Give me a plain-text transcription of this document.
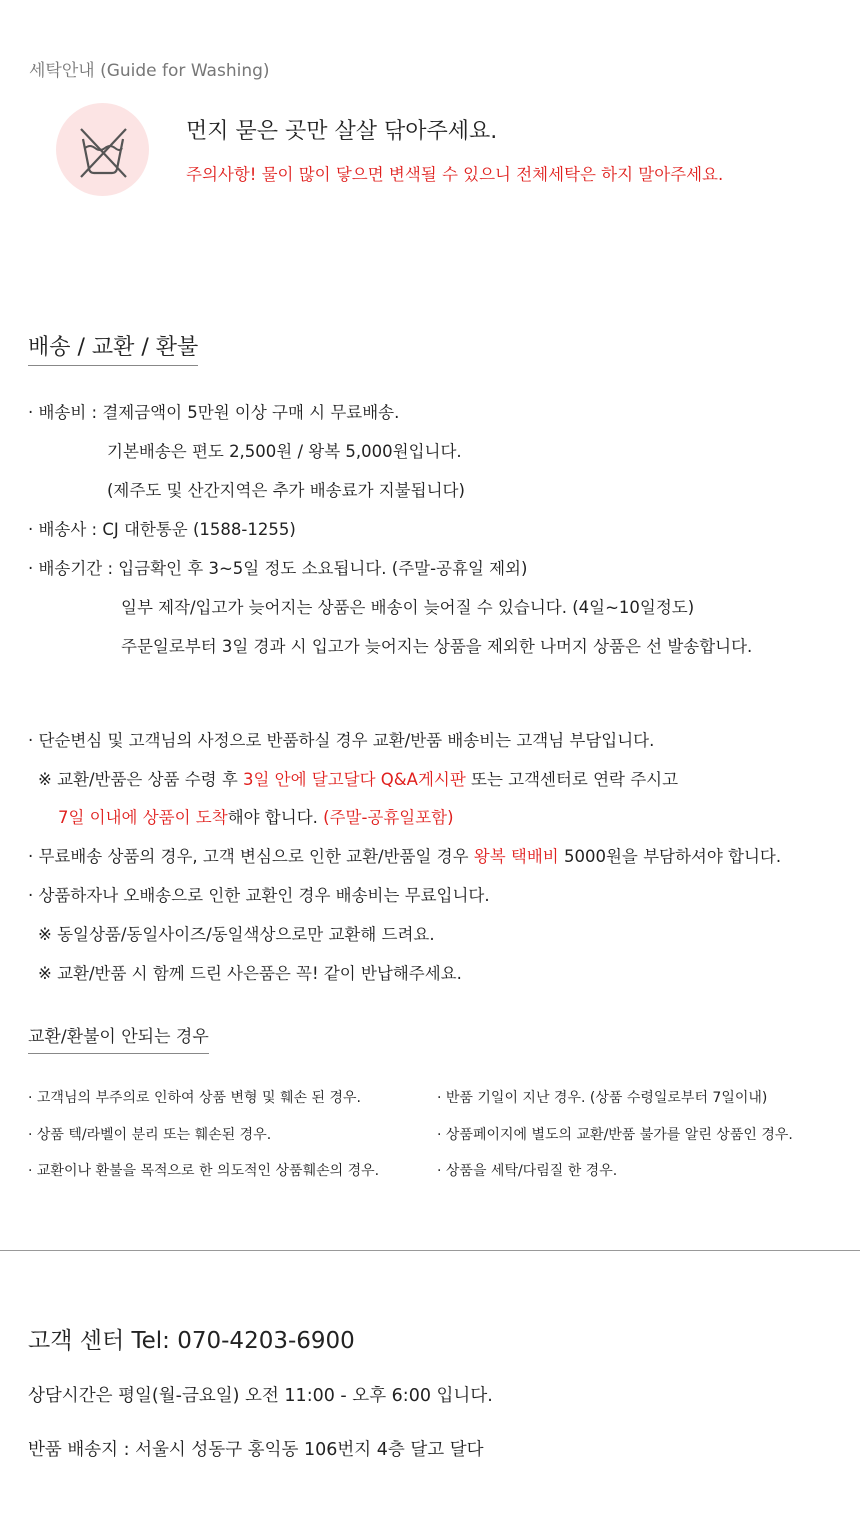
세탁안내 (Guide for Washing)
먼지 묻은 곳만 살살 닦아주세요.
주의사항! 물이 많이 닿으면 변색될 수 있으니 전체세탁은 하지 말아주세요.
배송 / 교환 / 환불
· 배송비 : 결제금액이 5만원 이상 구매 시 무료배송.
기본배송은 편도 2,500원 / 왕복 5,000원입니다.
(제주도 및 산간지역은 추가 배송료가 지불됩니다)
· 배송사 : CJ 대한통운 (1588-1255)
· 배송기간 : 입금확인 후 3~5일 정도 소요됩니다. (주말-공휴일 제외)
일부 제작/입고가 늦어지는 상품은 배송이 늦어질 수 있습니다. (4일~10일정도)
주문일로부터 3일 경과 시 입고가 늦어지는 상품을 제외한 나머지 상품은 선 발송합니다.
· 단순변심 및 고객님의 사정으로 반품하실 경우 교환/반품 배송비는 고객님 부담입니다.
※ 교환/반품은 상품 수령 후 3일 안에 달고달다 Q&A게시판 또는 고객센터로 연락 주시고
7일 이내에 상품이 도착해야 합니다. (주말-공휴일포함)
· 무료배송 상품의 경우, 고객 변심으로 인한 교환/반품일 경우 왕복 택배비 5000원을 부담하셔야 합니다.
· 상품하자나 오배송으로 인한 교환인 경우 배송비는 무료입니다.
※ 동일상품/동일사이즈/동일색상으로만 교환해 드려요.
※ 교환/반품 시 함께 드린 사은품은 꼭! 같이 반납해주세요.
교환/환불이 안되는 경우
· 고객님의 부주의로 인하여 상품 변형 및 훼손 된 경우.
· 상품 텍/라벨이 분리 또는 훼손된 경우.
· 교환이나 환불을 목적으로 한 의도적인 상품훼손의 경우.
· 반품 기일이 지난 경우. (상품 수령일로부터 7일이내)
· 상품페이지에 별도의 교환/반품 불가를 알린 상품인 경우.
· 상품을 세탁/다림질 한 경우.
고객 센터 Tel: 070-4203-6900
상담시간은 평일(월-금요일) 오전 11:00 - 오후 6:00 입니다.
반품 배송지 : 서울시 성동구 홍익동 106번지 4층 달고 달다
